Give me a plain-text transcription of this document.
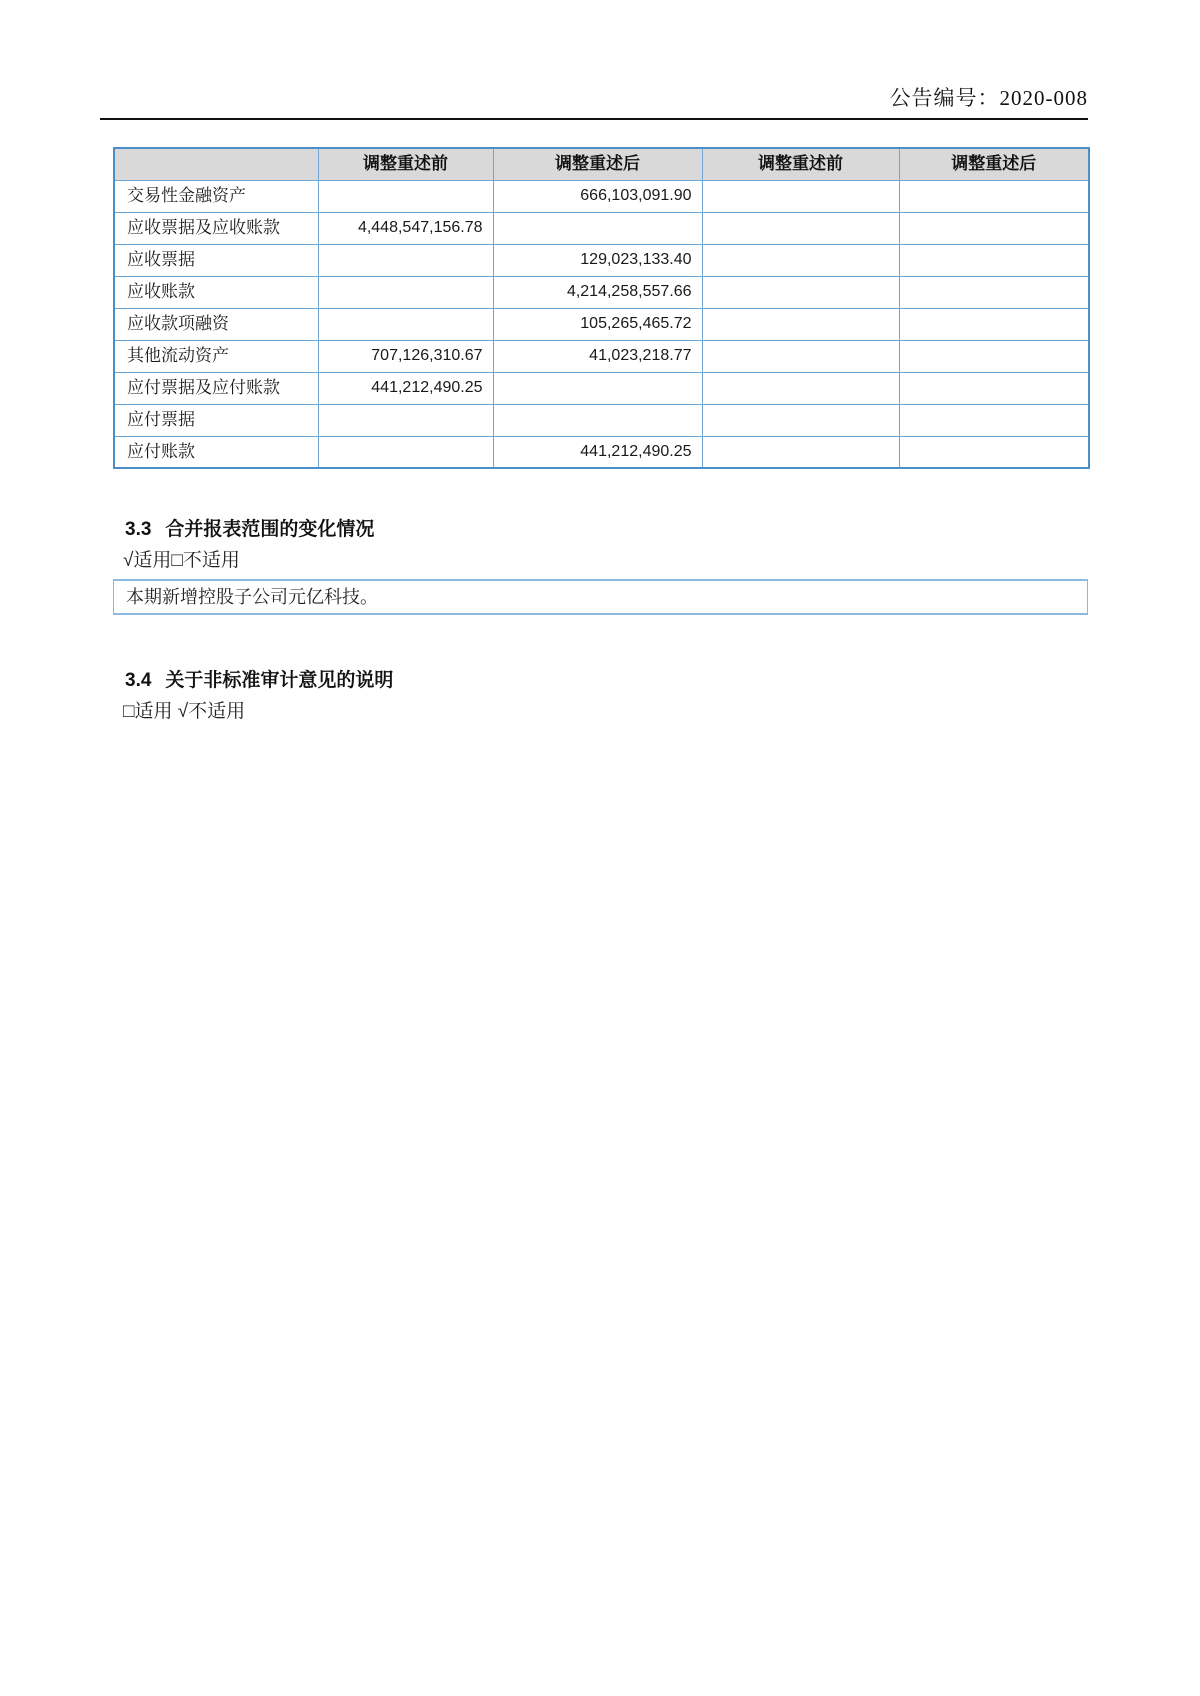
公告编号：2020-008
	调整重述前	调整重述后	调整重述前	调整重述后
交易性金融资产		666,103,091.90		
应收票据及应收账款	4,448,547,156.78			
应收票据		129,023,133.40		
应收账款		4,214,258,557.66		
应收款项融资		105,265,465.72		
其他流动资产	707,126,310.67	41,023,218.77		
应付票据及应付账款	441,212,490.25			
应付票据				
应付账款		441,212,490.25		
3.3 合并报表范围的变化情况
√适用□不适用
本期新增控股子公司元亿科技。
3.4 关于非标准审计意见的说明
□适用 √不适用
